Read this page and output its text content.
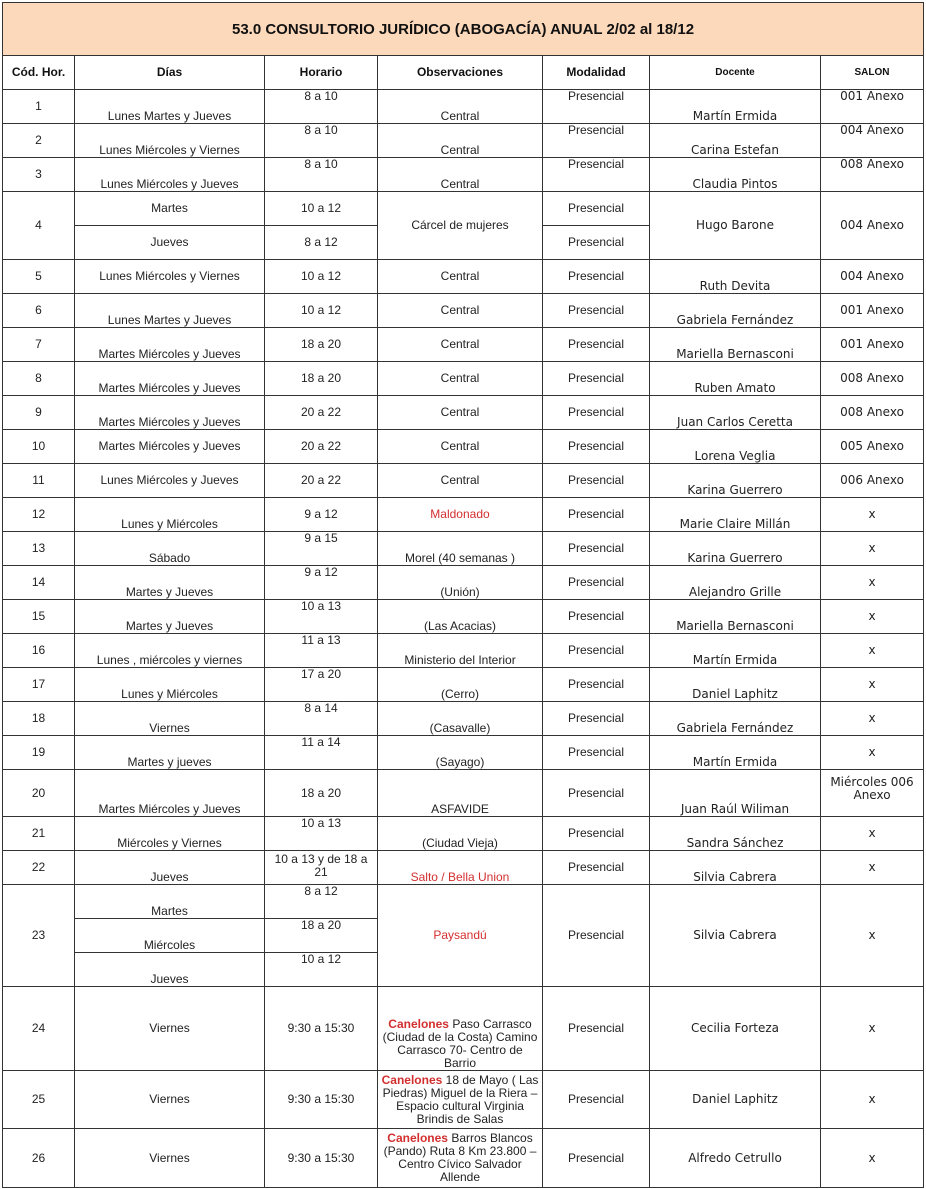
53.0 CONSULTORIO JURÍDICO (ABOGACÍA) ANUAL 2/02 al 18/12						
Cód. Hor.	Días	Horario	Observaciones	Modalidad	Docente	SALON
1	Lunes Martes y Jueves	8 a 10	Central	Presencial	Martín Ermida	001 Anexo
2	Lunes Miércoles y Viernes	8 a 10	Central	Presencial	Carina Estefan	004 Anexo
3	Lunes Miércoles y Jueves	8 a 10	Central	Presencial	Claudia Pintos	008 Anexo
4	Martes	10 a 12	Cárcel de mujeres	Presencial	Hugo Barone	004 Anexo
	Jueves	8 a 12		Presencial		
5	Lunes Miércoles y Viernes	10 a 12	Central	Presencial	Ruth Devita	004 Anexo
6	Lunes Martes y Jueves	10 a 12	Central	Presencial	Gabriela Fernández	001 Anexo
7	Martes Miércoles y Jueves	18 a 20	Central	Presencial	Mariella Bernasconi	001 Anexo
8	Martes Miércoles y Jueves	18 a 20	Central	Presencial	Ruben Amato	008 Anexo
9	Martes Miércoles y Jueves	20 a 22	Central	Presencial	Juan Carlos Ceretta	008 Anexo
10	Martes Miércoles y Jueves	20 a 22	Central	Presencial	Lorena Veglia	005 Anexo
11	Lunes Miércoles y Jueves	20 a 22	Central	Presencial	Karina Guerrero	006 Anexo
12	Lunes y Miércoles	9 a 12	Maldonado	Presencial	Marie Claire Millán	x
13	Sábado	9 a 15	Morel (40 semanas )	Presencial	Karina Guerrero	x
14	Martes y Jueves	9 a 12	(Unión)	Presencial	Alejandro Grille	x
15	Martes y Jueves	10 a 13	(Las Acacias)	Presencial	Mariella Bernasconi	x
16	Lunes , miércoles y viernes	11 a 13	Ministerio del Interior	Presencial	Martín Ermida	x
17	Lunes y Miércoles	17 a 20	(Cerro)	Presencial	Daniel Laphitz	x
18	Viernes	8 a 14	(Casavalle)	Presencial	Gabriela Fernández	x
19	Martes y jueves	11 a 14	(Sayago)	Presencial	Martín Ermida	x
20	Martes Miércoles y Jueves	18 a 20	ASFAVIDE	Presencial	Juan Raúl Wiliman	Miércoles 006 Anexo
21	Miércoles y Viernes	10 a 13	(Ciudad Vieja)	Presencial	Sandra Sánchez	x
22	Jueves	10 a 13 y de 18 a 21	Salto / Bella Union	Presencial	Silvia Cabrera	x
23	Martes	8 a 12	Paysandú	Presencial	Silvia Cabrera	x
	Miércoles	18 a 20				
	Jueves	10 a 12				
24	Viernes	9:30 a 15:30	Canelones Paso Carrasco (Ciudad de la Costa) Camino Carrasco 70- Centro de Barrio	Presencial	Cecilia Forteza	x
25	Viernes	9:30 a 15:30	Canelones 18 de Mayo ( Las Piedras) Miguel de la Riera – Espacio cultural Virginia Brindis de Salas	Presencial	Daniel Laphitz	x
26	Viernes	9:30 a 15:30	Canelones Barros Blancos (Pando) Ruta 8 Km 23.800 – Centro Cívico Salvador Allende	Presencial	Alfredo Cetrullo	x
